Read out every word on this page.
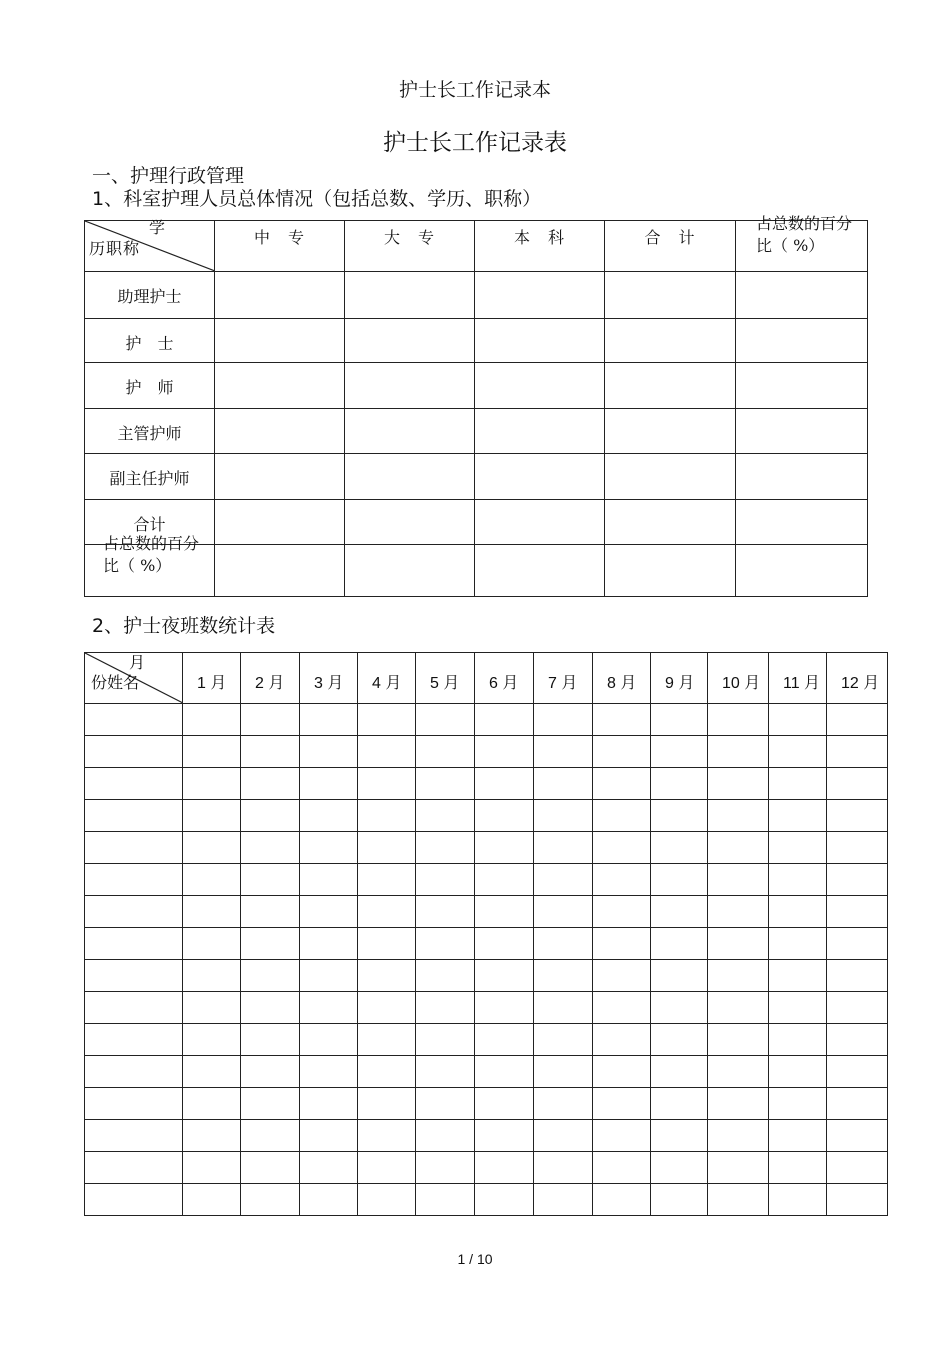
护士长工作记录本
护士长工作记录表
一、护理行政管理
1、科室护理人员总体情况（包括总数、学历、职称）
学
历职称	中　专	大　专	本　科	合　计	占总数的百分比（ %）

助理护士					

护　士					

护　师					

主管护师					

副主任护师					

合计					

占总数的百分比（ %）					

2、护士夜班数统计表
月
份姓名	1 月	2 月	3 月	4 月	5 月	6 月	7 月	8 月	9 月	10 月	11 月	12 月

1 / 10
